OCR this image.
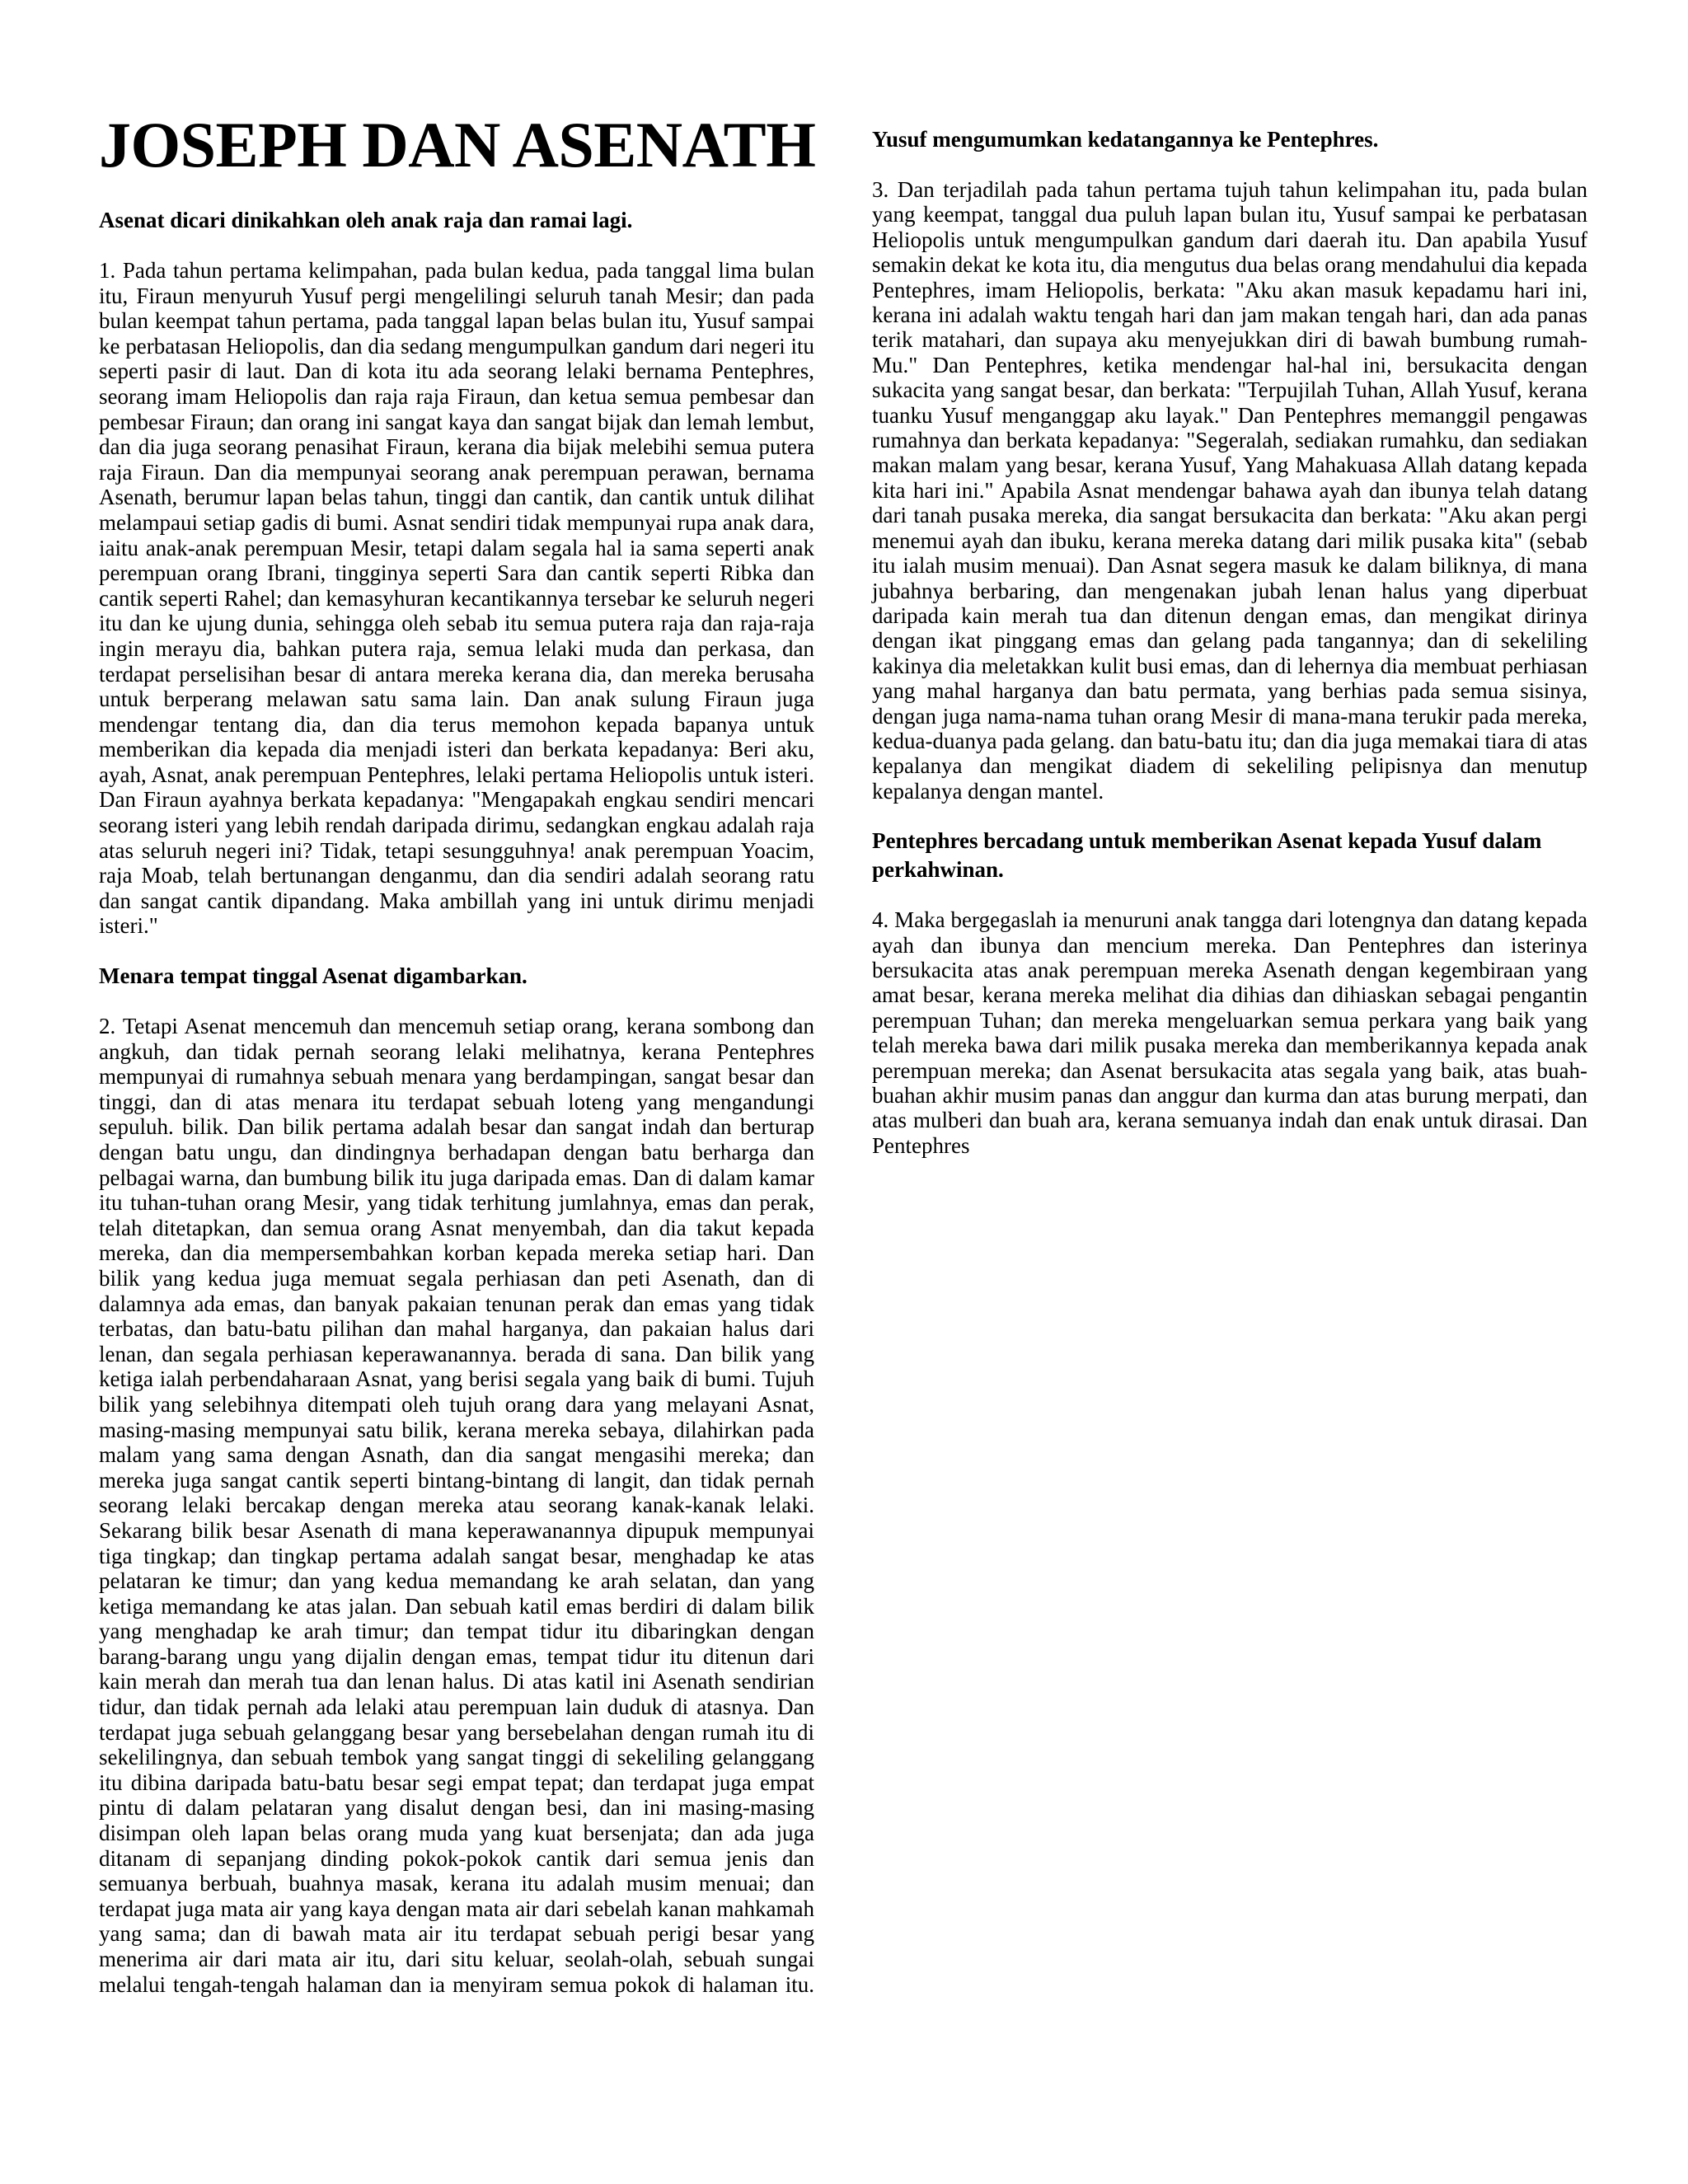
JOSEPH DAN ASENATH

Asenat dicari dinikahkan oleh anak raja dan ramai lagi.

1. Pada tahun pertama kelimpahan, pada bulan kedua, pada tanggal lima bulan itu, Firaun menyuruh Yusuf pergi mengelilingi seluruh tanah Mesir; dan pada bulan keempat tahun pertama, pada tanggal lapan belas bulan itu, Yusuf sampai ke perbatasan Heliopolis, dan dia sedang mengumpulkan gandum dari negeri itu seperti pasir di laut. Dan di kota itu ada seorang lelaki bernama Pentephres, seorang imam Heliopolis dan raja raja Firaun, dan ketua semua pembesar dan pembesar Firaun; dan orang ini sangat kaya dan sangat bijak dan lemah lembut, dan dia juga seorang penasihat Firaun, kerana dia bijak melebihi semua putera raja Firaun. Dan dia mempunyai seorang anak perempuan perawan, bernama Asenath, berumur lapan belas tahun, tinggi dan cantik, dan cantik untuk dilihat melampaui setiap gadis di bumi. Asnat sendiri tidak mempunyai rupa anak dara, iaitu anak-anak perempuan Mesir, tetapi dalam segala hal ia sama seperti anak perempuan orang Ibrani, tingginya seperti Sara dan cantik seperti Ribka dan cantik seperti Rahel; dan kemasyhuran kecantikannya tersebar ke seluruh negeri itu dan ke ujung dunia, sehingga oleh sebab itu semua putera raja dan raja-raja ingin merayu dia, bahkan putera raja, semua lelaki muda dan perkasa, dan terdapat perselisihan besar di antara mereka kerana dia, dan mereka berusaha untuk berperang melawan satu sama lain. Dan anak sulung Firaun juga mendengar tentang dia, dan dia terus memohon kepada bapanya untuk memberikan dia kepada dia menjadi isteri dan berkata kepadanya: Beri aku, ayah, Asnat, anak perempuan Pentephres, lelaki pertama Heliopolis untuk isteri. Dan Firaun ayahnya berkata kepadanya: "Mengapakah engkau sendiri mencari seorang isteri yang lebih rendah daripada dirimu, sedangkan engkau adalah raja atas seluruh negeri ini? Tidak, tetapi sesungguhnya! anak perempuan Yoacim, raja Moab, telah bertunangan denganmu, dan dia sendiri adalah seorang ratu dan sangat cantik dipandang. Maka ambillah yang ini untuk dirimu menjadi isteri."

Menara tempat tinggal Asenat digambarkan.

2. Tetapi Asenat mencemuh dan mencemuh setiap orang, kerana sombong dan angkuh, dan tidak pernah seorang lelaki melihatnya, kerana Pentephres mempunyai di rumahnya sebuah menara yang berdampingan, sangat besar dan tinggi, dan di atas menara itu terdapat sebuah loteng yang mengandungi sepuluh. bilik. Dan bilik pertama adalah besar dan sangat indah dan berturap dengan batu ungu, dan dindingnya berhadapan dengan batu berharga dan pelbagai warna, dan bumbung bilik itu juga daripada emas. Dan di dalam kamar itu tuhan-tuhan orang Mesir, yang tidak terhitung jumlahnya, emas dan perak, telah ditetapkan, dan semua orang Asnat menyembah, dan dia takut kepada mereka, dan dia mempersembahkan korban kepada mereka setiap hari. Dan bilik yang kedua juga memuat segala perhiasan dan peti Asenath, dan di dalamnya ada emas, dan banyak pakaian tenunan perak dan emas yang tidak terbatas, dan batu-batu pilihan dan mahal harganya, dan pakaian halus dari lenan, dan segala perhiasan keperawanannya. berada di sana. Dan bilik yang ketiga ialah perbendaharaan Asnat, yang berisi segala yang baik di bumi. Tujuh bilik yang selebihnya ditempati oleh tujuh orang dara yang melayani Asnat, masing-masing mempunyai satu bilik, kerana mereka sebaya, dilahirkan pada malam yang sama dengan Asnath, dan dia sangat mengasihi mereka; dan mereka juga sangat cantik seperti bintang-bintang di langit, dan tidak pernah seorang lelaki bercakap dengan mereka atau seorang kanak-kanak lelaki. Sekarang bilik besar Asenath di mana keperawanannya dipupuk mempunyai tiga tingkap; dan tingkap pertama adalah sangat besar, menghadap ke atas pelataran ke timur; dan yang kedua memandang ke arah selatan, dan yang ketiga memandang ke atas jalan. Dan sebuah katil emas berdiri di dalam bilik yang menghadap ke arah timur; dan tempat tidur itu dibaringkan dengan barang-barang ungu yang dijalin dengan emas, tempat tidur itu ditenun dari kain merah dan merah tua dan lenan halus. Di atas katil ini Asenath sendirian tidur, dan tidak pernah ada lelaki atau perempuan lain duduk di atasnya. Dan terdapat juga sebuah gelanggang besar yang bersebelahan dengan rumah itu di sekelilingnya, dan sebuah tembok yang sangat tinggi di sekeliling gelanggang itu dibina daripada batu-batu besar segi empat tepat; dan terdapat juga empat pintu di dalam pelataran yang disalut dengan besi, dan ini masing-masing disimpan oleh lapan belas orang muda yang kuat bersenjata; dan ada juga ditanam di sepanjang dinding pokok-pokok cantik dari semua jenis dan semuanya berbuah, buahnya masak, kerana itu adalah musim menuai; dan terdapat juga mata air yang kaya dengan mata air dari sebelah kanan mahkamah yang sama; dan di bawah mata air itu terdapat sebuah perigi besar yang menerima air dari mata air itu, dari situ keluar, seolah-olah, sebuah sungai melalui tengah-tengah halaman dan ia menyiram semua pokok di halaman itu.

Yusuf mengumumkan kedatangannya ke Pentephres.

3. Dan terjadilah pada tahun pertama tujuh tahun kelimpahan itu, pada bulan yang keempat, tanggal dua puluh lapan bulan itu, Yusuf sampai ke perbatasan Heliopolis untuk mengumpulkan gandum dari daerah itu. Dan apabila Yusuf semakin dekat ke kota itu, dia mengutus dua belas orang mendahului dia kepada Pentephres, imam Heliopolis, berkata: "Aku akan masuk kepadamu hari ini, kerana ini adalah waktu tengah hari dan jam makan tengah hari, dan ada panas terik matahari, dan supaya aku menyejukkan diri di bawah bumbung rumah-Mu." Dan Pentephres, ketika mendengar hal-hal ini, bersukacita dengan sukacita yang sangat besar, dan berkata: "Terpujilah Tuhan, Allah Yusuf, kerana tuanku Yusuf menganggap aku layak." Dan Pentephres memanggil pengawas rumahnya dan berkata kepadanya: "Segeralah, sediakan rumahku, dan sediakan makan malam yang besar, kerana Yusuf, Yang Mahakuasa Allah datang kepada kita hari ini." Apabila Asnat mendengar bahawa ayah dan ibunya telah datang dari tanah pusaka mereka, dia sangat bersukacita dan berkata: "Aku akan pergi menemui ayah dan ibuku, kerana mereka datang dari milik pusaka kita" (sebab itu ialah musim menuai). Dan Asnat segera masuk ke dalam biliknya, di mana jubahnya berbaring, dan mengenakan jubah lenan halus yang diperbuat daripada kain merah tua dan ditenun dengan emas, dan mengikat dirinya dengan ikat pinggang emas dan gelang pada tangannya; dan di sekeliling kakinya dia meletakkan kulit busi emas, dan di lehernya dia membuat perhiasan yang mahal harganya dan batu permata, yang berhias pada semua sisinya, dengan juga nama-nama tuhan orang Mesir di mana-mana terukir pada mereka, kedua-duanya pada gelang. dan batu-batu itu; dan dia juga memakai tiara di atas kepalanya dan mengikat diadem di sekeliling pelipisnya dan menutup kepalanya dengan mantel.

Pentephres bercadang untuk memberikan Asenat kepada Yusuf dalam perkahwinan.

4. Maka bergegaslah ia menuruni anak tangga dari lotengnya dan datang kepada ayah dan ibunya dan mencium mereka. Dan Pentephres dan isterinya bersukacita atas anak perempuan mereka Asenath dengan kegembiraan yang amat besar, kerana mereka melihat dia dihias dan dihiaskan sebagai pengantin perempuan Tuhan; dan mereka mengeluarkan semua perkara yang baik yang telah mereka bawa dari milik pusaka mereka dan memberikannya kepada anak perempuan mereka; dan Asenat bersukacita atas segala yang baik, atas buah-buahan akhir musim panas dan anggur dan kurma dan atas burung merpati, dan atas mulberi dan buah ara, kerana semuanya indah dan enak untuk dirasai. Dan Pentephres
